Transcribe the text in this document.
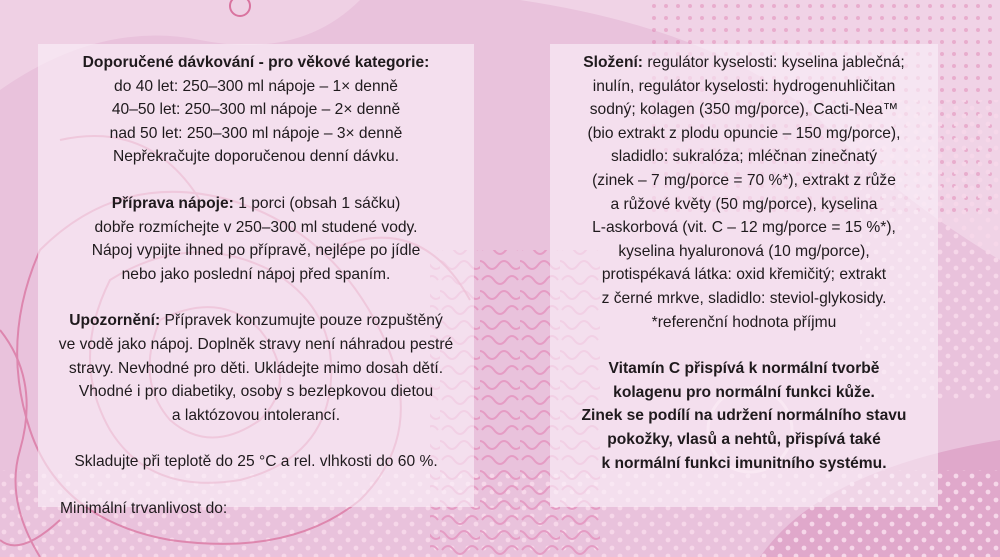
Doporučené dávkování - pro věkové kategorie:
do 40 let: 250–300 ml nápoje – 1× denně
40–50 let: 250–300 ml nápoje – 2× denně
nad 50 let: 250–300 ml nápoje – 3× denně
Nepřekračujte doporučenou denní dávku.
Příprava nápoje: 1 porci (obsah 1 sáčku)
dobře rozmíchejte v 250–300 ml studené vody.
Nápoj vypijte ihned po přípravě, nejlépe po jídle
nebo jako poslední nápoj před spaním.
Upozornění: Přípravek konzumujte pouze rozpuštěný
ve vodě jako nápoj. Doplněk stravy není náhradou pestré
stravy. Nevhodné pro děti. Ukládejte mimo dosah dětí.
Vhodné i pro diabetiky, osoby s bezlepkovou dietou
a laktózovou intolerancí.
Skladujte při teplotě do 25 °C a rel. vlhkosti do 60 %.
Minimální trvanlivost do:
Složení: regulátor kyselosti: kyselina jablečná;
inulín, regulátor kyselosti: hydrogenuhličitan
sodný; kolagen (350 mg/porce), Cacti-Nea™
(bio extrakt z plodu opuncie – 150 mg/porce),
sladidlo: sukralóza; mléčnan zinečnatý
(zinek – 7 mg/porce = 70 %*), extrakt z růže
a růžové květy (50 mg/porce), kyselina
L-askorbová (vit. C – 12 mg/porce = 15 %*),
kyselina hyaluronová (10 mg/porce),
protispékavá látka: oxid křemičitý; extrakt
z černé mrkve, sladidlo: steviol-glykosidy.
*referenční hodnota příjmu
Vitamín C přispívá k normální tvorbě
kolagenu pro normální funkci kůže.
Zinek se podílí na udržení normálního stavu
pokožky, vlasů a nehtů, přispívá také
k normální funkci imunitního systému.
